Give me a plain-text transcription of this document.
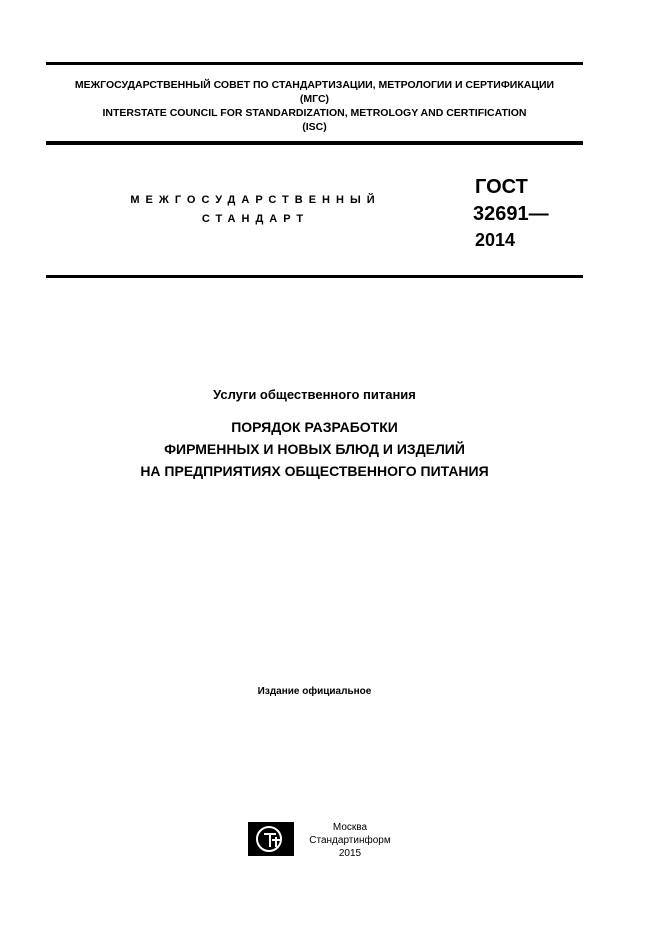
МЕЖГОСУДАРСТВЕННЫЙ СОВЕТ ПО СТАНДАРТИЗАЦИИ, МЕТРОЛОГИИ И СЕРТИФИКАЦИИ
(МГС)
INTERSTATE COUNCIL FOR STANDARDIZATION, METROLOGY AND CERTIFICATION
(ISC)
МЕЖГОСУДАРСТВЕННЫЙ
СТАНДАРТ
ГОСТ
32691—
2014
Услуги общественного питания
ПОРЯДОК РАЗРАБОТКИ
ФИРМЕННЫХ И НОВЫХ БЛЮД И ИЗДЕЛИЙ
НА ПРЕДПРИЯТИЯХ ОБЩЕСТВЕННОГО ПИТАНИЯ
Издание официальное
Москва
Стандартинформ
2015
